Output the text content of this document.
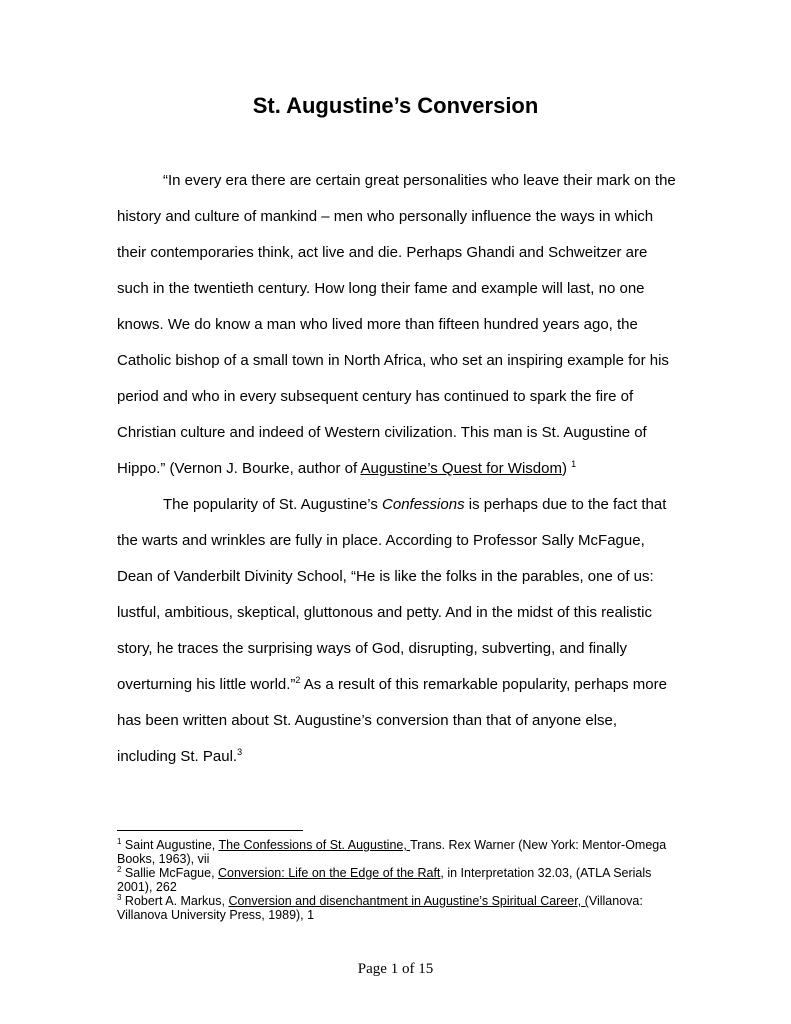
St. Augustine’s Conversion

“In every era there are certain great personalities who leave their mark on the history and culture of mankind – men who personally influence the ways in which their contemporaries think, act live and die. Perhaps Ghandi and Schweitzer are such in the twentieth century. How long their fame and example will last, no one knows. We do know a man who lived more than fifteen hundred years ago, the Catholic bishop of a small town in North Africa, who set an inspiring example for his period and who in every subsequent century has continued to spark the fire of Christian culture and indeed of Western civilization. This man is St. Augustine of Hippo.” (Vernon J. Bourke, author of Augustine’s Quest for Wisdom) $^1$

The popularity of St. Augustine’s Confessions is perhaps due to the fact that the warts and wrinkles are fully in place. According to Professor Sally McFague, Dean of Vanderbilt Divinity School, “He is like the folks in the parables, one of us: lustful, ambitious, skeptical, gluttonous and petty. And in the midst of this realistic story, he traces the surprising ways of God, disrupting, subverting, and finally overturning his little world.”$^2$ As a result of this remarkable popularity, perhaps more has been written about St. Augustine’s conversion than that of anyone else, including St. Paul.$^3$

$^1$ Saint Augustine, The Confessions of St. Augustine, Trans. Rex Warner (New York: Mentor-Omega Books, 1963), vii

$^2$ Sallie McFague, Conversion: Life on the Edge of the Raft, in Interpretation 32.03, (ATLA Serials 2001), 262

$^3$ Robert A. Markus, Conversion and disenchantment in Augustine’s Spiritual Career, (Villanova: Villanova University Press, 1989), 1

Page 1 of 15
